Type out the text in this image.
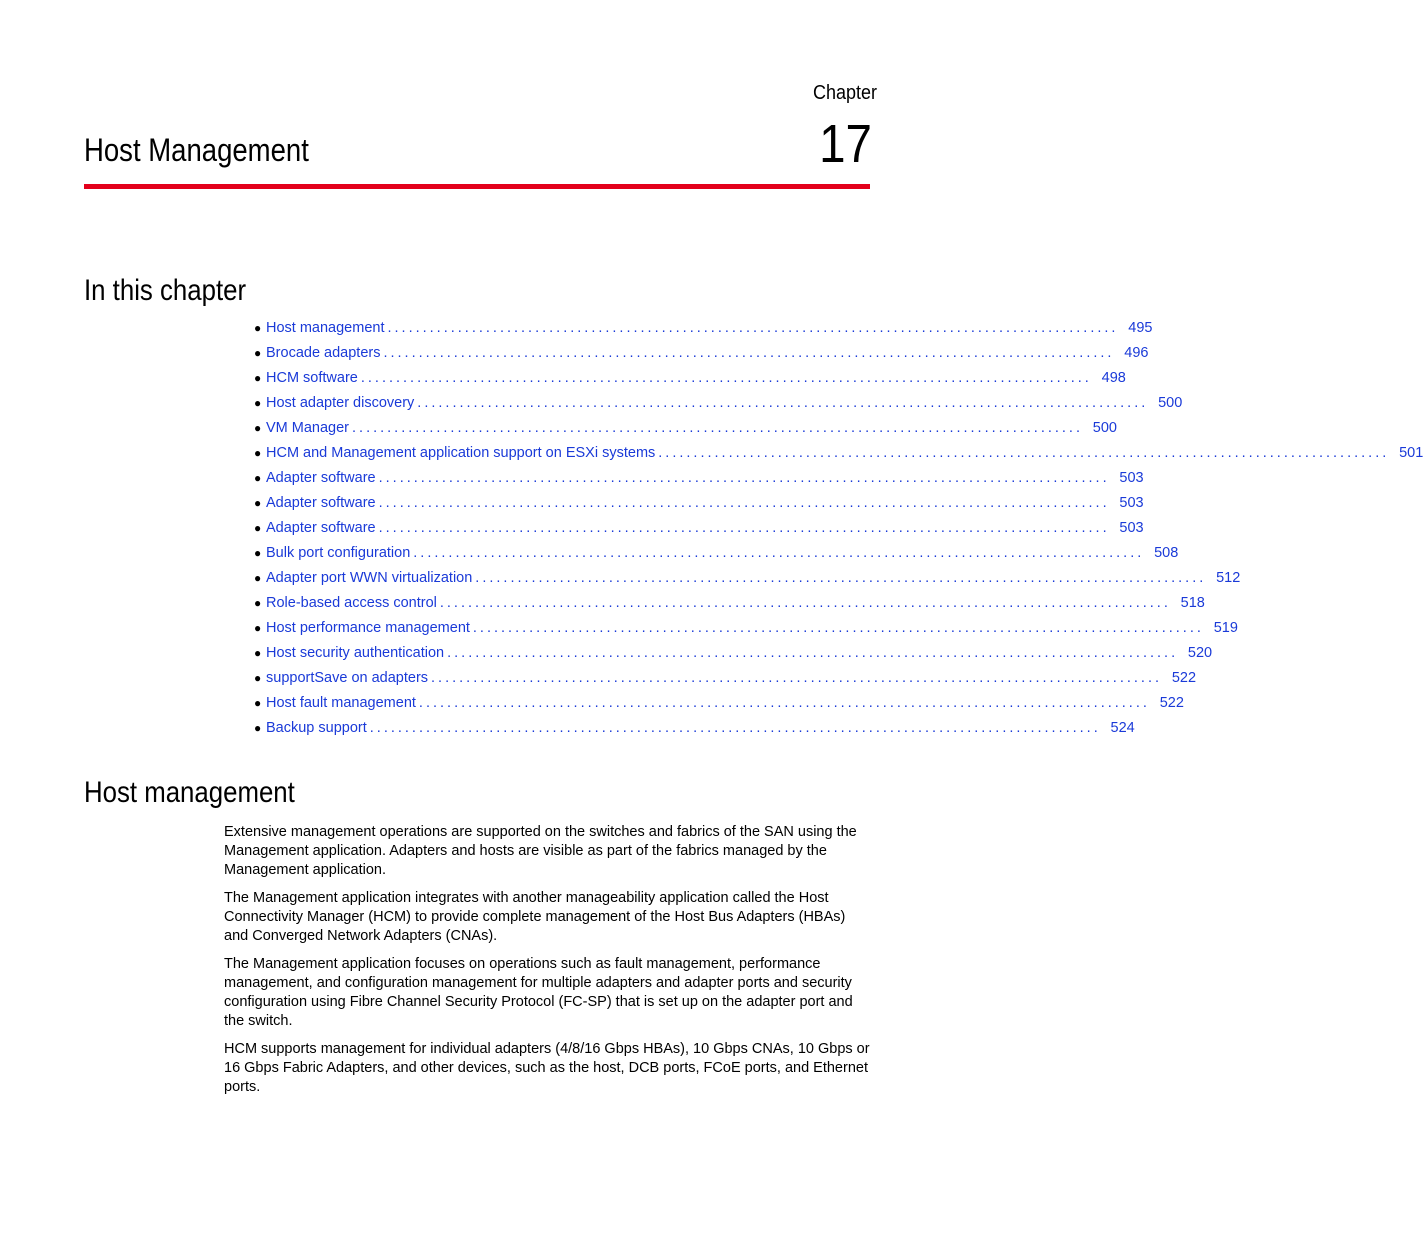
Chapter
17
Host Management
In this chapter
● Host management ........................................................................................................ 495
● Brocade adapters ........................................................................................................ 496
● HCM software ........................................................................................................ 498
● Host adapter discovery ........................................................................................................ 500
● VM Manager ........................................................................................................ 500
● HCM and Management application support on ESXi systems ........................................................................................................ 501
● Adapter software ........................................................................................................ 503
● Adapter software ........................................................................................................ 503
● Adapter software ........................................................................................................ 503
● Bulk port configuration ........................................................................................................ 508
● Adapter port WWN virtualization ........................................................................................................ 512
● Role-based access control ........................................................................................................ 518
● Host performance management ........................................................................................................ 519
● Host security authentication ........................................................................................................ 520
● supportSave on adapters ........................................................................................................ 522
● Host fault management ........................................................................................................ 522
● Backup support ........................................................................................................ 524
Host management

Extensive management operations are supported on the switches and fabrics of the SAN using the Management application. Adapters and hosts are visible as part of the fabrics managed by the Management application.

The Management application integrates with another manageability application called the Host Connectivity Manager (HCM) to provide complete management of the Host Bus Adapters (HBAs) and Converged Network Adapters (CNAs).

The Management application focuses on operations such as fault management, performance management, and configuration management for multiple adapters and adapter ports and security configuration using Fibre Channel Security Protocol (FC-SP) that is set up on the adapter port and the switch.

HCM supports management for individual adapters (4/8/16 Gbps HBAs), 10 Gbps CNAs, 10 Gbps or 16 Gbps Fabric Adapters, and other devices, such as the host, DCB ports, FCoE ports, and Ethernet ports.
